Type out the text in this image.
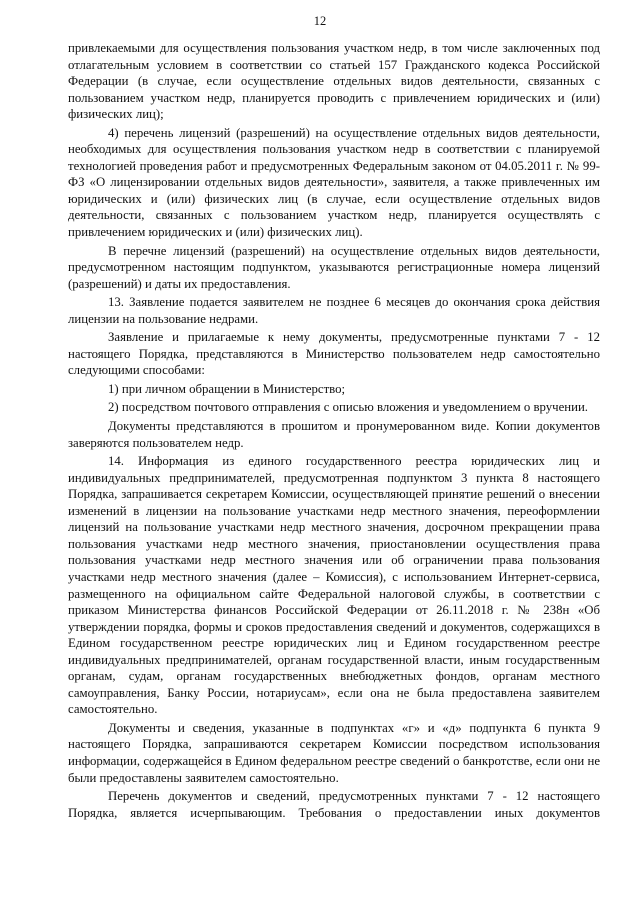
12

привлекаемыми для осуществления пользования участком недр, в том числе заключенных под отлагательным условием в соответствии со статьей 157 Гражданского кодекса Российской Федерации (в случае, если осуществление отдельных видов деятельности, связанных с пользованием участком недр, планируется проводить с привлечением юридических и (или) физических лиц);

4) перечень лицензий (разрешений) на осуществление отдельных видов деятельности, необходимых для осуществления пользования участком недр в соответствии с планируемой технологией проведения работ и предусмотренных Федеральным законом от 04.05.2011 г. № 99-ФЗ «О лицензировании отдельных видов деятельности», заявителя, а также привлеченных им юридических и (или) физических лиц (в случае, если осуществление отдельных видов деятельности, связанных с пользованием участком недр, планируется осуществлять с привлечением юридических и (или) физических лиц).

В перечне лицензий (разрешений) на осуществление отдельных видов деятельности, предусмотренном настоящим подпунктом, указываются регистрационные номера лицензий (разрешений) и даты их предоставления.

13. Заявление подается заявителем не позднее 6 месяцев до окончания срока действия лицензии на пользование недрами.

Заявление и прилагаемые к нему документы, предусмотренные пунктами 7 - 12 настоящего Порядка, представляются в Министерство пользователем недр самостоятельно следующими способами:

1) при личном обращении в Министерство;

2) посредством почтового отправления с описью вложения и уведомлением о вручении.

Документы представляются в прошитом и пронумерованном виде. Копии документов заверяются пользователем недр.

14. Информация из единого государственного реестра юридических лиц и индивидуальных предпринимателей, предусмотренная подпунктом 3 пункта 8 настоящего Порядка, запрашивается секретарем Комиссии, осуществляющей принятие решений о внесении изменений в лицензии на пользование участками недр местного значения, переоформлении лицензий на пользование участками недр местного значения, досрочном прекращении права пользования участками недр местного значения, приостановлении осуществления права пользования участками недр местного значения или об ограничении права пользования участками недр местного значения (далее – Комиссия), с использованием Интернет-сервиса, размещенного на официальном сайте Федеральной налоговой службы, в соответствии с приказом Министерства финансов Российской Федерации от 26.11.2018 г. № 238н «Об утверждении порядка, формы и сроков предоставления сведений и документов, содержащихся в Едином государственном реестре юридических лиц и Едином государственном реестре индивидуальных предпринимателей, органам государственной власти, иным государственным органам, судам, органам государственных внебюджетных фондов, органам местного самоуправления, Банку России, нотариусам», если она не была предоставлена заявителем самостоятельно.

Документы и сведения, указанные в подпунктах «г» и «д» подпункта 6 пункта 9 настоящего Порядка, запрашиваются секретарем Комиссии посредством использования информации, содержащейся в Едином федеральном реестре сведений о банкротстве, если они не были предоставлены заявителем самостоятельно.

Перечень документов и сведений, предусмотренных пунктами 7 - 12 настоящего Порядка, является исчерпывающим. Требования о предоставлении иных документов
